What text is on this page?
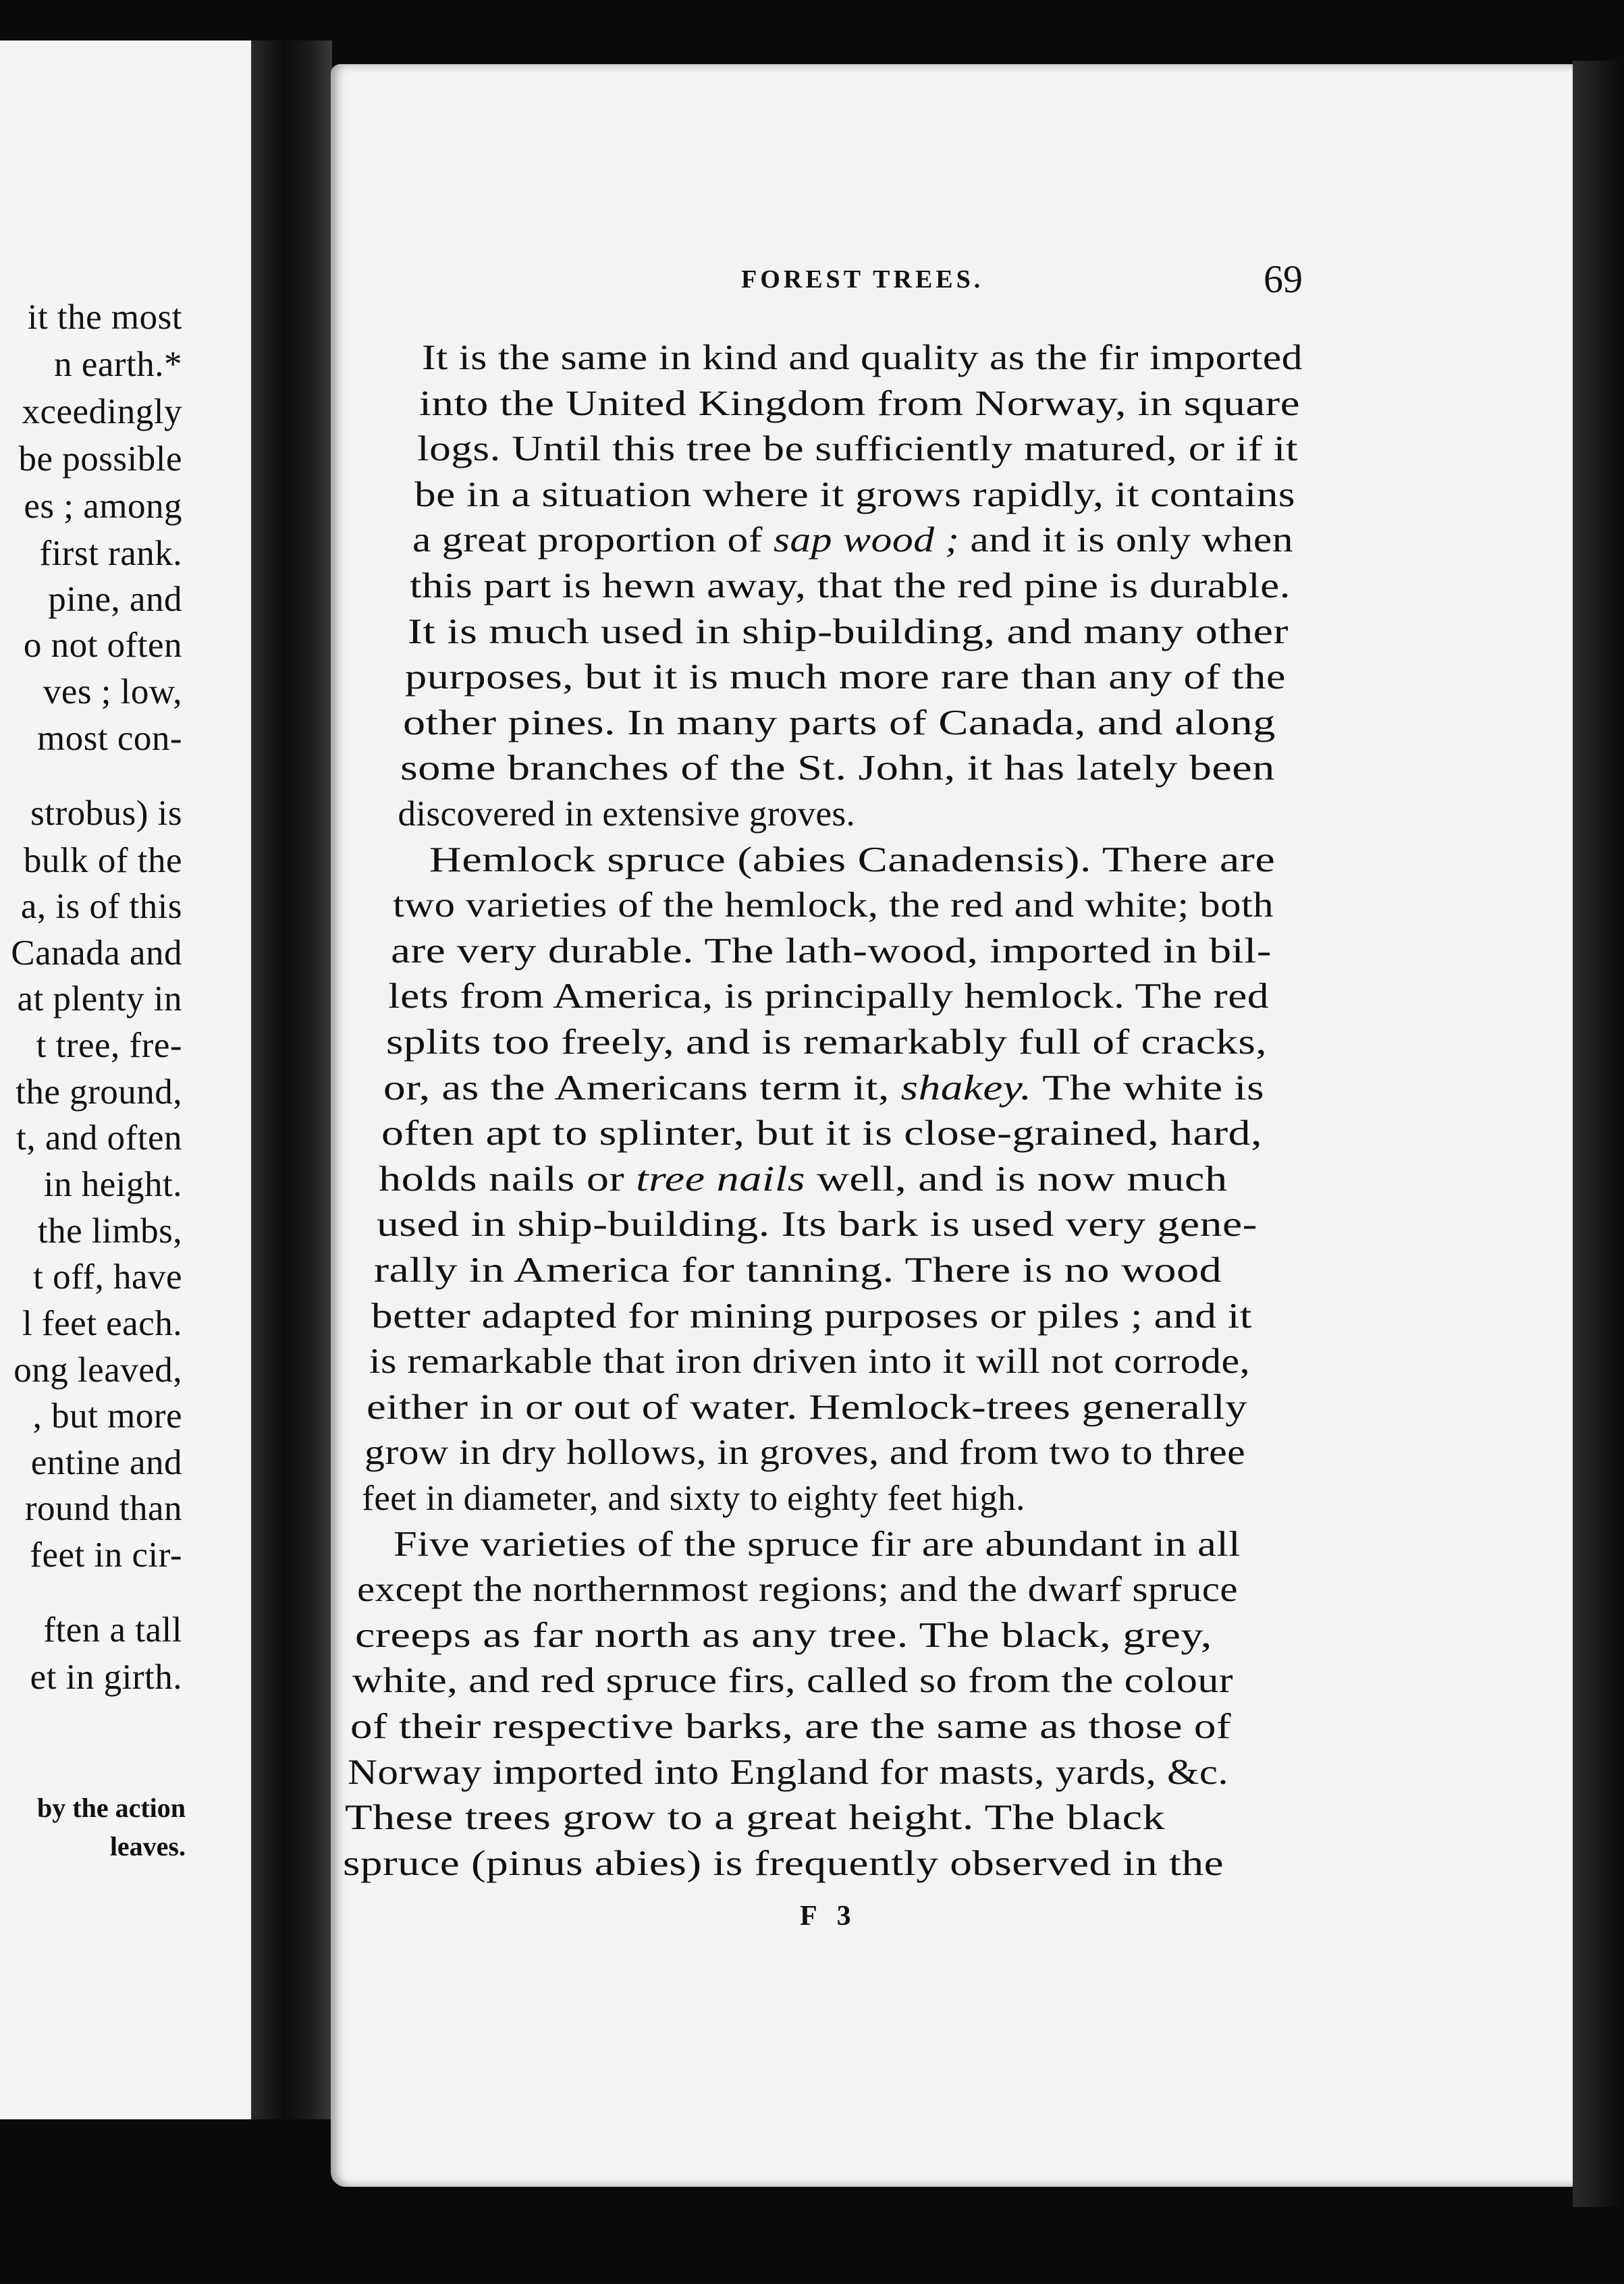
it the most
n earth.*
xceedingly
be possible
es ; among
first rank.
pine, and
o not often
ves ; low,
most con-
strobus) is
bulk of the
a, is of this
Canada and
at plenty in
t tree, fre-
the ground,
t, and often
in height.
the limbs,
t off, have
l feet each.
ong leaved,
, but more
entine and
round than
feet in cir-
ften a tall
et in girth.
by the action
leaves.
FOREST TREES.	69
It is the same in kind and quality as the fir imported
into the United Kingdom from Norway, in square
logs. Until this tree be sufficiently matured, or if it
be in a situation where it grows rapidly, it contains
a great proportion of sap wood ; and it is only when
this part is hewn away, that the red pine is durable.
It is much used in ship-building, and many other
purposes, but it is much more rare than any of the
other pines. In many parts of Canada, and along
some branches of the St. John, it has lately been
discovered in extensive groves.
Hemlock spruce (abies Canadensis). There are
two varieties of the hemlock, the red and white; both
are very durable. The lath-wood, imported in bil-
lets from America, is principally hemlock. The red
splits too freely, and is remarkably full of cracks,
or, as the Americans term it, shakey. The white is
often apt to splinter, but it is close-grained, hard,
holds nails or tree nails well, and is now much
used in ship-building. Its bark is used very gene-
rally in America for tanning. There is no wood
better adapted for mining purposes or piles ; and it
is remarkable that iron driven into it will not corrode,
either in or out of water. Hemlock-trees generally
grow in dry hollows, in groves, and from two to three
feet in diameter, and sixty to eighty feet high.
Five varieties of the spruce fir are abundant in all
except the northernmost regions; and the dwarf spruce
creeps as far north as any tree. The black, grey,
white, and red spruce firs, called so from the colour
of their respective barks, are the same as those of
Norway imported into England for masts, yards, &c.
These trees grow to a great height. The black
spruce (pinus abies) is frequently observed in the
F 3
